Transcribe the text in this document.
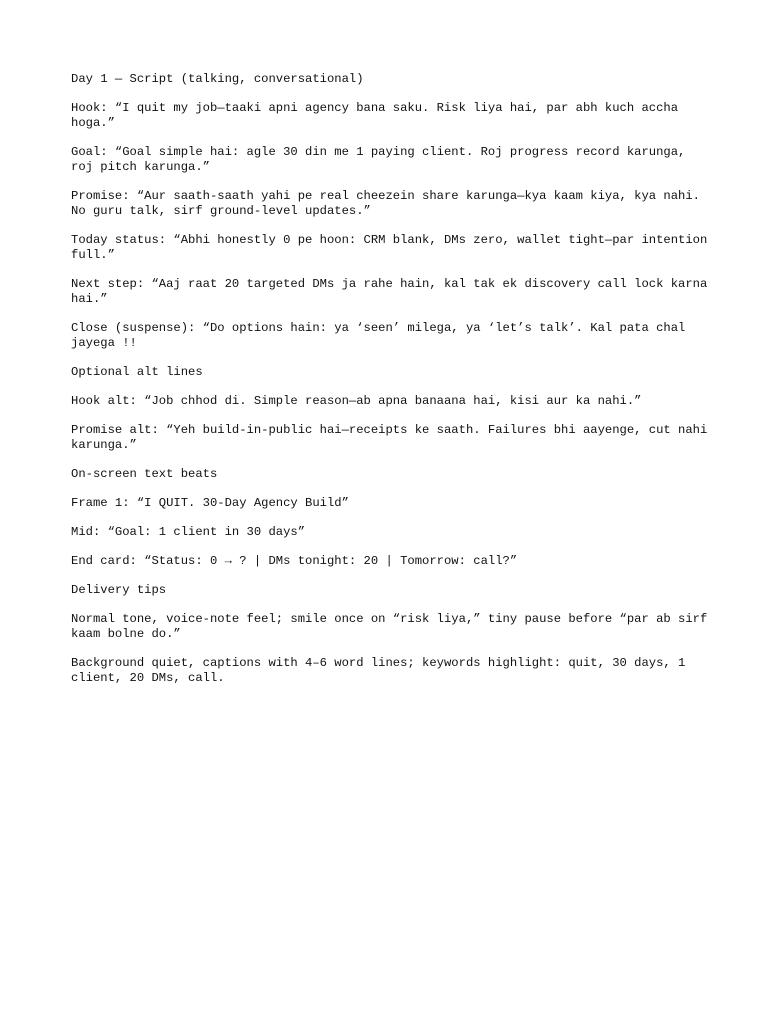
Day 1 — Script (talking, conversational)

Hook: “I quit my job—taaki apni agency bana saku. Risk liya hai, par abh kuch accha hoga.”

Goal: “Goal simple hai: agle 30 din me 1 paying client. Roj progress record karunga, roj pitch karunga.”

Promise: “Aur saath-saath yahi pe real cheezein share karunga—kya kaam kiya, kya nahi. No guru talk, sirf ground-level updates.”

Today status: “Abhi honestly 0 pe hoon: CRM blank, DMs zero, wallet tight—par intention full.”

Next step: “Aaj raat 20 targeted DMs ja rahe hain, kal tak ek discovery call lock karna hai.”

Close (suspense): “Do options hain: ya ‘seen’ milega, ya ‘let’s talk’. Kal pata chal jayega !!

Optional alt lines

Hook alt: “Job chhod di. Simple reason—ab apna banaana hai, kisi aur ka nahi.”

Promise alt: “Yeh build-in-public hai—receipts ke saath. Failures bhi aayenge, cut nahi karunga.”

On-screen text beats

Frame 1: “I QUIT. 30-Day Agency Build”

Mid: “Goal: 1 client in 30 days”

End card: “Status: 0 → ? | DMs tonight: 20 | Tomorrow: call?”

Delivery tips

Normal tone, voice-note feel; smile once on “risk liya,” tiny pause before “par ab sirf kaam bolne do.”

Background quiet, captions with 4–6 word lines; keywords highlight: quit, 30 days, 1 client, 20 DMs, call.
